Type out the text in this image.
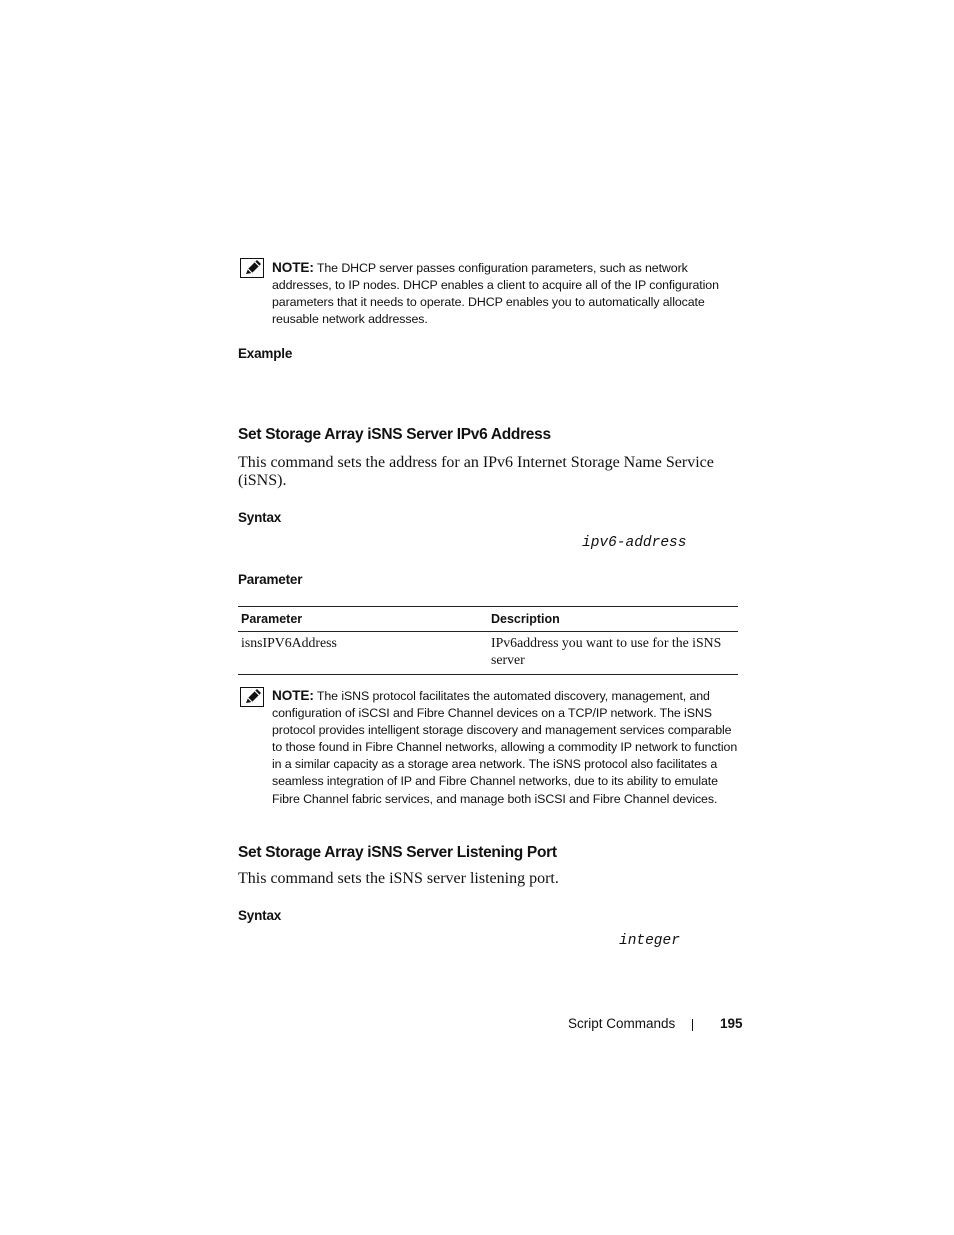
NOTE: The DHCP server passes configuration parameters, such as network addresses, to IP nodes. DHCP enables a client to acquire all of the IP configuration parameters that it needs to operate. DHCP enables you to automatically allocate reusable network addresses.
Example
Set Storage Array iSNS Server IPv6 Address
This command sets the address for an IPv6 Internet Storage Name Service (iSNS).
Syntax
ipv6-address
Parameter
Parameter	Description
isnsIPV6Address	IPv6address you want to use for the iSNS server
NOTE: The iSNS protocol facilitates the automated discovery, management, and configuration of iSCSI and Fibre Channel devices on a TCP/IP network. The iSNS protocol provides intelligent storage discovery and management services comparable to those found in Fibre Channel networks, allowing a commodity IP network to function in a similar capacity as a storage area network. The iSNS protocol also facilitates a seamless integration of IP and Fibre Channel networks, due to its ability to emulate Fibre Channel fabric services, and manage both iSCSI and Fibre Channel devices.
Set Storage Array iSNS Server Listening Port
This command sets the iSNS server listening port.
Syntax
integer
Script Commands	195
